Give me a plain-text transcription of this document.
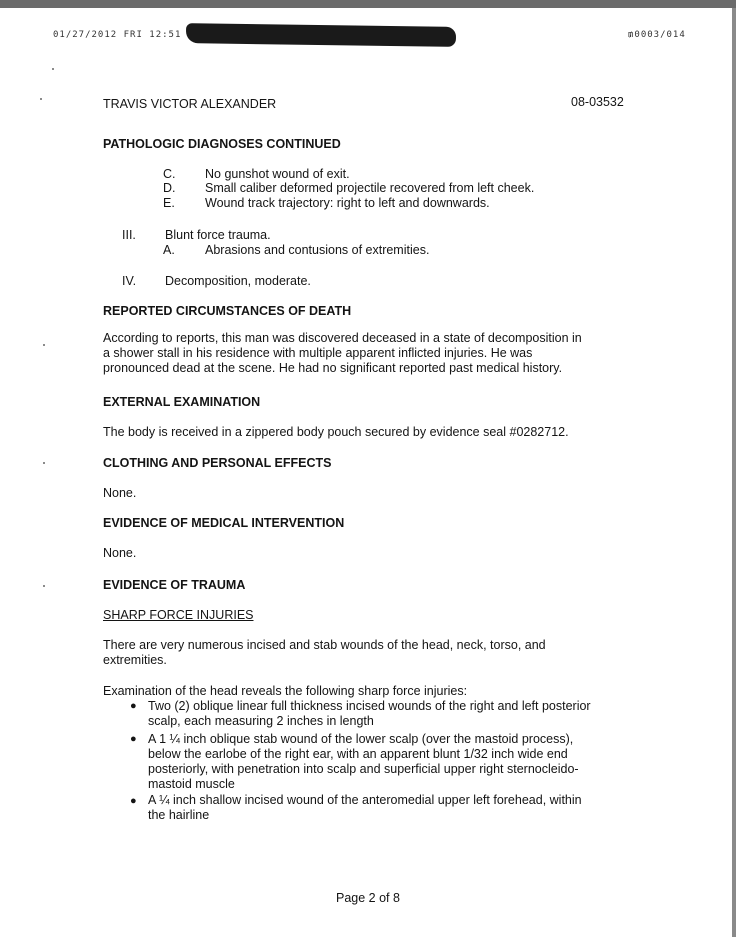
01/27/2012 FRI 12:51	₥0003/014
TRAVIS VICTOR ALEXANDER	08-03532
PATHOLOGIC DIAGNOSES CONTINUED
C. No gunshot wound of exit.
D. Small caliber deformed projectile recovered from left cheek.
E. Wound track trajectory: right to left and downwards.
III. Blunt force trauma.
A. Abrasions and contusions of extremities.
IV. Decomposition, moderate.
REPORTED CIRCUMSTANCES OF DEATH
According to reports, this man was discovered deceased in a state of decomposition in
a shower stall in his residence with multiple apparent inflicted injuries. He was
pronounced dead at the scene. He had no significant reported past medical history.
EXTERNAL EXAMINATION
The body is received in a zippered body pouch secured by evidence seal #0282712.
CLOTHING AND PERSONAL EFFECTS
None.
EVIDENCE OF MEDICAL INTERVENTION
None.
EVIDENCE OF TRAUMA
SHARP FORCE INJURIES
There are very numerous incised and stab wounds of the head, neck, torso, and
extremities.
Examination of the head reveals the following sharp force injuries:
● Two (2) oblique linear full thickness incised wounds of the right and left posterior
scalp, each measuring 2 inches in length
● A 1 ¼ inch oblique stab wound of the lower scalp (over the mastoid process),
below the earlobe of the right ear, with an apparent blunt 1/32 inch wide end
posteriorly, with penetration into scalp and superficial upper right sternocleido-
mastoid muscle
● A ¼ inch shallow incised wound of the anteromedial upper left forehead, within
the hairline
Page 2 of 8
